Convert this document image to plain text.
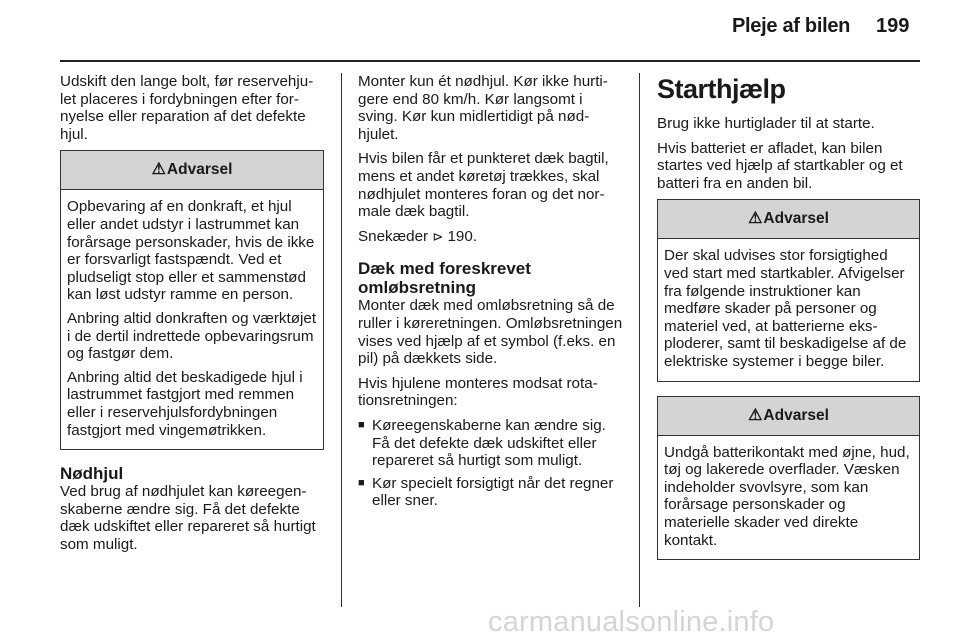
Pleje af bilen 199

Udskift den lange bolt, før reservehjulet placeres i fordybningen efter fornyelse eller reparation af det defekte hjul.

⚠Advarsel

Opbevaring af en donkraft, et hjul eller andet udstyr i lastrummet kan forårsage personskader, hvis de ikke er forsvarligt fastspændt. Ved et pludseligt stop eller et sammenstød kan løst udstyr ramme en person.

Anbring altid donkraften og værktøjet i de dertil indrettede opbevaringsrum og fastgør dem.

Anbring altid det beskadigede hjul i lastrummet fastgjort med remmen eller i reservehjulsfordybningen fastgjort med vingemøtrikken.

Nødhjul

Ved brug af nødhjulet kan køreegenskaberne ændre sig. Få det defekte dæk udskiftet eller repareret så hurtigt som muligt.

Monter kun ét nødhjul. Kør ikke hurtigere end 80 km/h. Kør langsomt i sving. Kør kun midlertidigt på nødhjulet.

Hvis bilen får et punkteret dæk bagtil, mens et andet køretøj trækkes, skal nødhjulet monteres foran og det normale dæk bagtil.

Snekæder ⊳ 190.

Dæk med foreskrevet omløbsretning

Monter dæk med omløbsretning så de ruller i køreretningen. Omløbsretningen vises ved hjælp af et symbol (f.eks. en pil) på dækkets side.

Hvis hjulene monteres modsat rotationsretningen:

■ Køreegenskaberne kan ændre sig. Få det defekte dæk udskiftet eller repareret så hurtigt som muligt.
■ Kør specielt forsigtigt når det regner eller sner.
Starthjælp

Brug ikke hurtiglader til at starte.

Hvis batteriet er afladet, kan bilen startes ved hjælp af startkabler og et batteri fra en anden bil.

⚠Advarsel

Der skal udvises stor forsigtighed ved start med startkabler. Afvigelser fra følgende instruktioner kan medføre skader på personer og materiel ved, at batterierne eksploderer, samt til beskadigelse af de elektriske systemer i begge biler.

⚠Advarsel

Undgå batterikontakt med øjne, hud, tøj og lakerede overflader. Væsken indeholder svovlsyre, som kan forårsage personskader og materielle skader ved direkte kontakt.

carmanualsonline.info
